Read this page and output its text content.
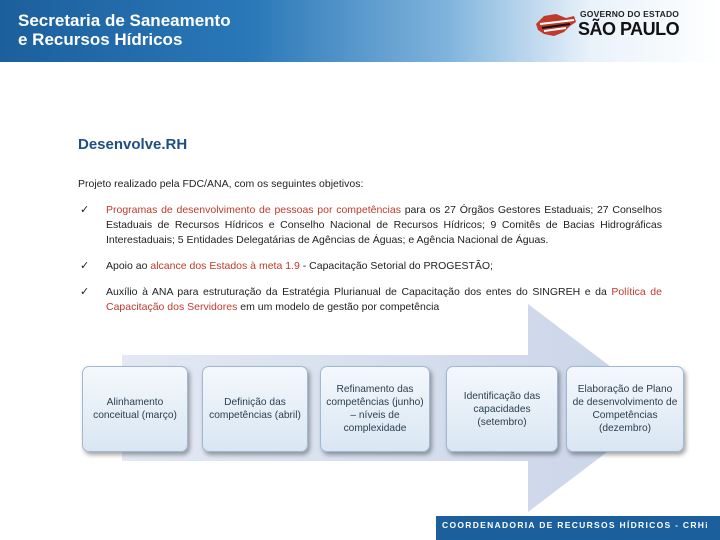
Secretaria de Saneamento
e Recursos Hídricos
GOVERNO DO ESTADO
SÃO PAULO
Desenvolve.RH
Projeto realizado pela FDC/ANA, com os seguintes objetivos:
✓ Programas de desenvolvimento de pessoas por competências para os 27 Órgãos Gestores Estaduais; 27 Conselhos Estaduais de Recursos Hídricos e Conselho Nacional de Recursos Hídricos; 9 Comitês de Bacias Hidrográficas Interestaduais; 5 Entidades Delegatárias de Agências de Águas; e Agência Nacional de Águas.
✓ Apoio ao alcance dos Estados à meta 1.9 - Capacitação Setorial do PROGESTÃO;
✓ Auxílio à ANA para estruturação da Estratégia Plurianual de Capacitação dos entes do SINGREH e da Política de Capacitação dos Servidores em um modelo de gestão por competência
Alinhamento conceitual (março)
Definição das competências (abril)
Refinamento das competências (junho) – níveis de complexidade
Identificação das capacidades (setembro)
Elaboração de Plano de desenvolvimento de Competências (dezembro)
COORDENADORIA DE RECURSOS HÍDRICOS - CRHi
